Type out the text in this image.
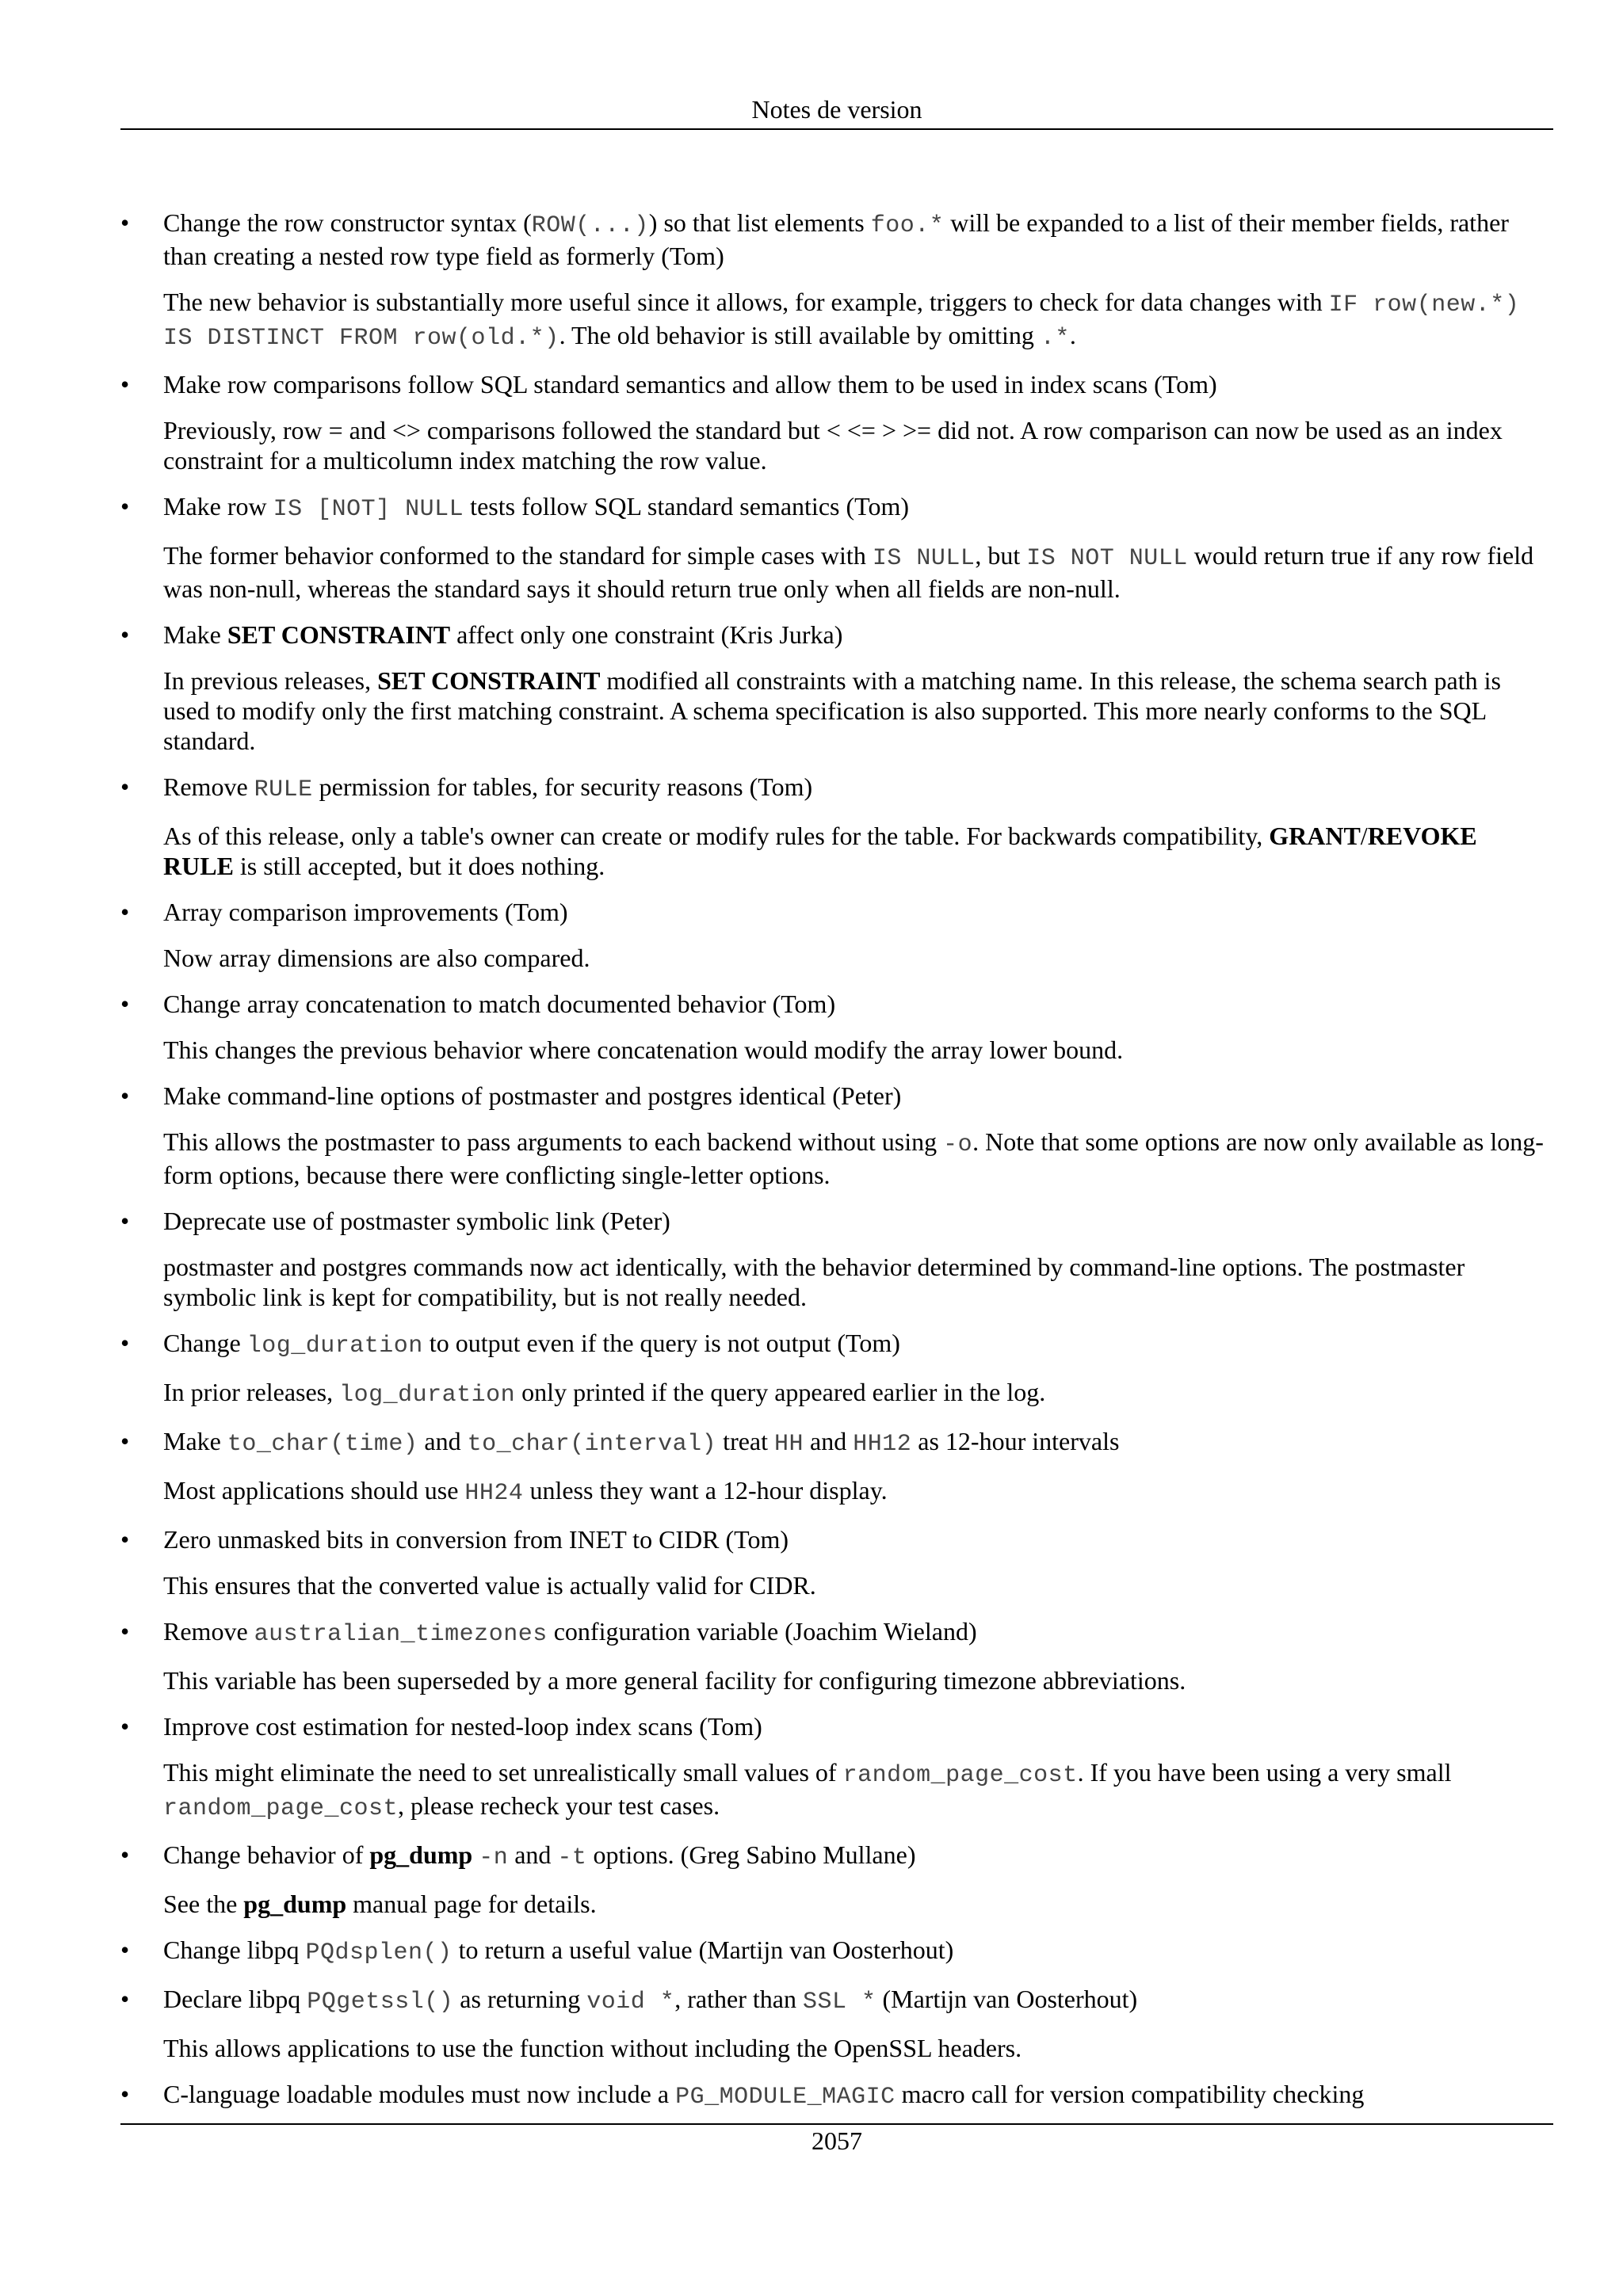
Notes de version
•	Change the row constructor syntax (ROW(...)) so that list elements foo.* will be expanded to a list of their member fields, rather than creating a nested row type field as formerly (Tom)

The new behavior is substantially more useful since it allows, for example, triggers to check for data changes with IF row(new.*) IS DISTINCT FROM row(old.*). The old behavior is still available by omitting .*.

•	Make row comparisons follow SQL standard semantics and allow them to be used in index scans (Tom)

Previously, row = and <> comparisons followed the standard but < <= > >= did not. A row comparison can now be used as an index constraint for a multicolumn index matching the row value.

•	Make row IS [NOT] NULL tests follow SQL standard semantics (Tom)

The former behavior conformed to the standard for simple cases with IS NULL, but IS NOT NULL would return true if any row field was non-null, whereas the standard says it should return true only when all fields are non-null.

•	Make SET CONSTRAINT affect only one constraint (Kris Jurka)

In previous releases, SET CONSTRAINT modified all constraints with a matching name. In this release, the schema search path is used to modify only the first matching constraint. A schema specification is also supported. This more nearly conforms to the SQL standard.

•	Remove RULE permission for tables, for security reasons (Tom)

As of this release, only a table's owner can create or modify rules for the table. For backwards compatibility, GRANT/REVOKE RULE is still accepted, but it does nothing.

•	Array comparison improvements (Tom)

Now array dimensions are also compared.

•	Change array concatenation to match documented behavior (Tom)

This changes the previous behavior where concatenation would modify the array lower bound.

•	Make command-line options of postmaster and postgres identical (Peter)

This allows the postmaster to pass arguments to each backend without using -o. Note that some options are now only available as long-form options, because there were conflicting single-letter options.

•	Deprecate use of postmaster symbolic link (Peter)

postmaster and postgres commands now act identically, with the behavior determined by command-line options. The postmaster symbolic link is kept for compatibility, but is not really needed.

•	Change log_duration to output even if the query is not output (Tom)

In prior releases, log_duration only printed if the query appeared earlier in the log.

•	Make to_char(time) and to_char(interval) treat HH and HH12 as 12-hour intervals

Most applications should use HH24 unless they want a 12-hour display.

•	Zero unmasked bits in conversion from INET to CIDR (Tom)

This ensures that the converted value is actually valid for CIDR.

•	Remove australian_timezones configuration variable (Joachim Wieland)

This variable has been superseded by a more general facility for configuring timezone abbreviations.

•	Improve cost estimation for nested-loop index scans (Tom)

This might eliminate the need to set unrealistically small values of random_page_cost. If you have been using a very small random_page_cost, please recheck your test cases.

•	Change behavior of pg_dump -n and -t options. (Greg Sabino Mullane)

See the pg_dump manual page for details.

•	Change libpq PQdsplen() to return a useful value (Martijn van Oosterhout)

•	Declare libpq PQgetssl() as returning void *, rather than SSL * (Martijn van Oosterhout)

This allows applications to use the function without including the OpenSSL headers.

•	C-language loadable modules must now include a PG_MODULE_MAGIC macro call for version compatibility checking

2057
